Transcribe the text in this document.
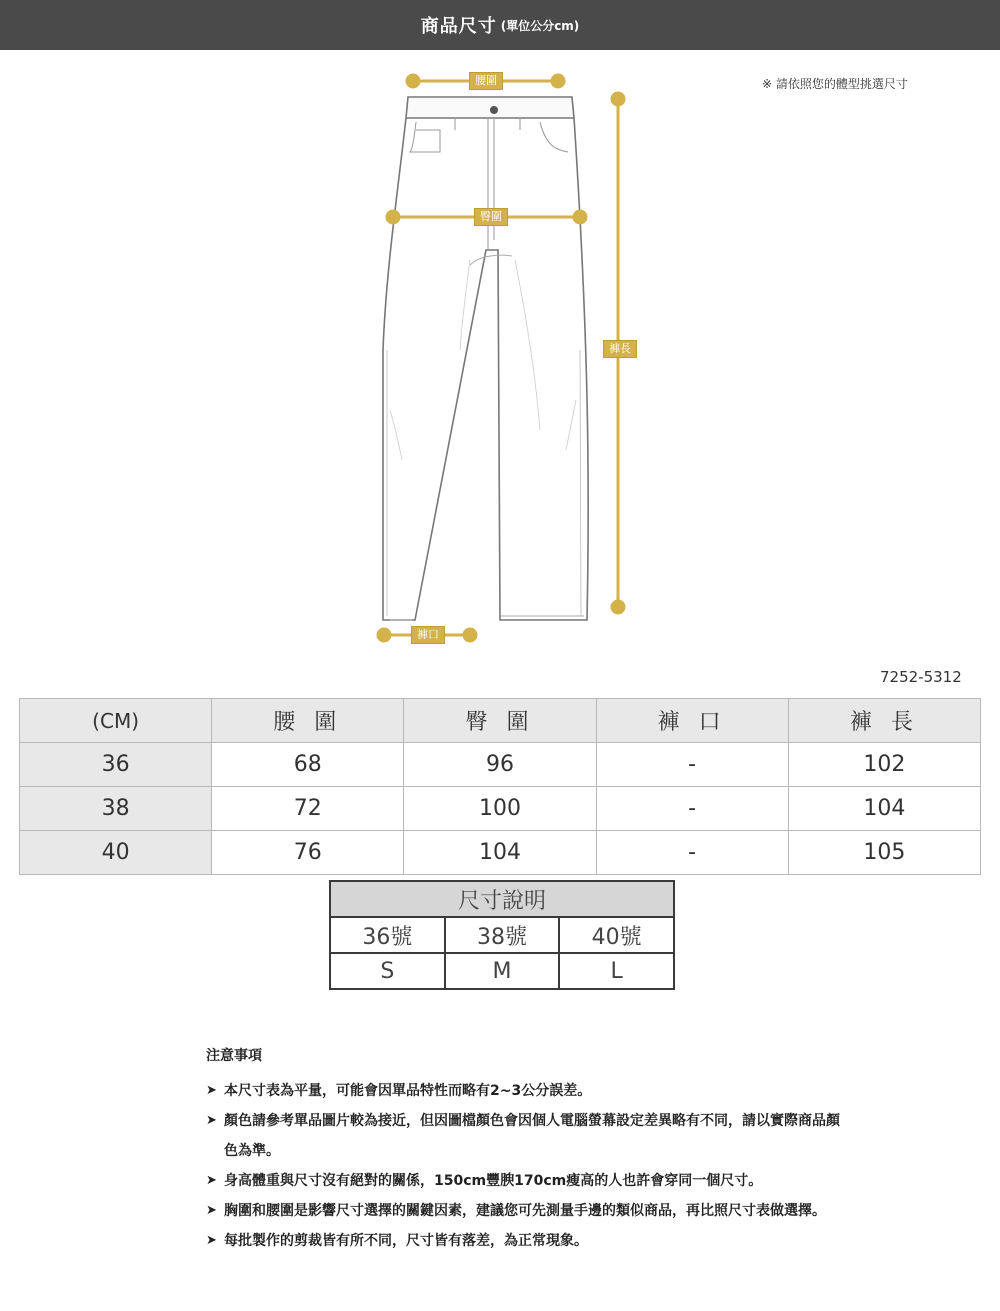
商品尺寸 (單位公分cm)
※ 請依照您的體型挑選尺寸
腰圍
臀圍
褲長
褲口
7252-5312
(CM)	腰 圍	臀 圍	褲 口	褲 長
36	68	96	-	102
38	72	100	-	104
40	76	104	-	105
尺寸說明		
36號	38號	40號
S	M	L
注意事項
➤ 本尺寸表為平量，可能會因單品特性而略有2~3公分誤差。
➤ 顏色請參考單品圖片較為接近，但因圖檔顏色會因個人電腦螢幕設定差異略有不同，請以實際商品顏色為準。
➤ 身高體重與尺寸沒有絕對的關係，150cm豐腴170cm瘦高的人也許會穿同一個尺寸。
➤ 胸圍和腰圍是影響尺寸選擇的關鍵因素，建議您可先測量手邊的類似商品，再比照尺寸表做選擇。
➤ 每批製作的剪裁皆有所不同，尺寸皆有落差，為正常現象。
